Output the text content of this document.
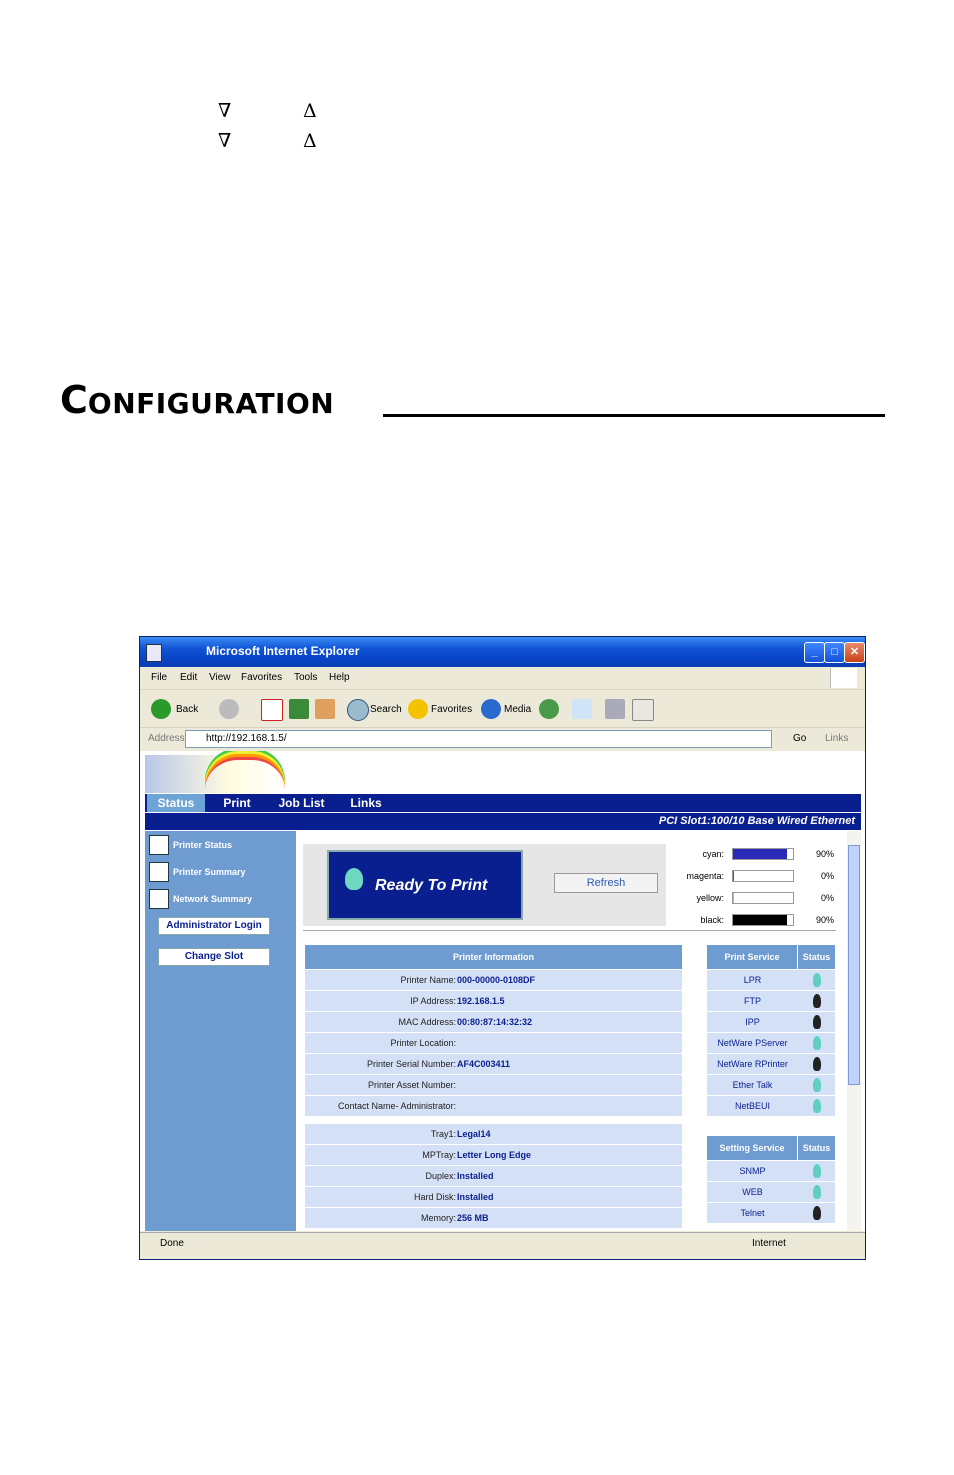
∇	Δ
∇	Δ
CONFIGURATION
Microsoft Internet Explorer	_	□	✕
File Edit View Favorites Tools Help
Back	Search	Favorites	Media
Address http://192.168.1.5/	Go Links
Status	Print	Job List	Links
PCI Slot1:100/10 Base Wired Ethernet
Printer Status
Printer Summary
Network Summary
Administrator Login
Change Slot
Ready To Print	Refresh
cyan:	90%
magenta:	0%
yellow:	0%
black:	90%
Printer Information
Printer Name: 000-00000-0108DF
IP Address: 192.168.1.5
MAC Address: 00:80:87:14:32:32
Printer Location:
Printer Serial Number: AF4C003411
Printer Asset Number:
Contact Name- Administrator:
Tray1: Legal14
MPTray: Letter Long Edge
Duplex: Installed
Hard Disk: Installed
Memory: 256 MB
Print Service	Status
LPR
FTP
IPP
NetWare PServer
NetWare RPrinter
Ether Talk
NetBEUI
Setting Service	Status
SNMP
WEB
Telnet
Done	Internet
